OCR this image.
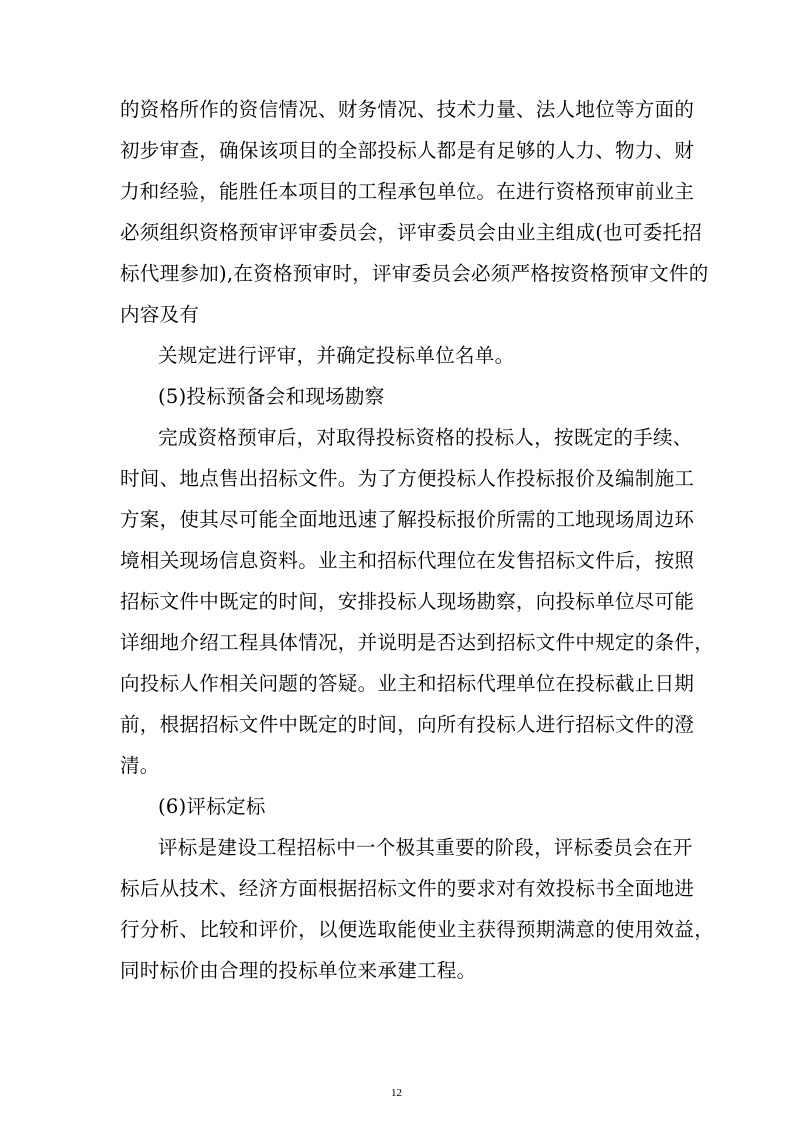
的资格所作的资信情况、财务情况、技术力量、法人地位等方面的
初步审查，确保该项目的全部投标人都是有足够的人力、物力、财
力和经验，能胜任本项目的工程承包单位。在进行资格预审前业主
必须组织资格预审评审委员会，评审委员会由业主组成(也可委托招
标代理参加),在资格预审时，评审委员会必须严格按资格预审文件的
内容及有
关规定进行评审，并确定投标单位名单。
(5)投标预备会和现场勘察
完成资格预审后，对取得投标资格的投标人，按既定的手续、
时间、地点售出招标文件。为了方便投标人作投标报价及编制施工
方案，使其尽可能全面地迅速了解投标报价所需的工地现场周边环
境相关现场信息资料。业主和招标代理位在发售招标文件后，按照
招标文件中既定的时间，安排投标人现场勘察，向投标单位尽可能
详细地介绍工程具体情况，并说明是否达到招标文件中规定的条件，
向投标人作相关问题的答疑。业主和招标代理单位在投标截止日期
前，根据招标文件中既定的时间，向所有投标人进行招标文件的澄
清。
(6)评标定标
评标是建设工程招标中一个极其重要的阶段，评标委员会在开
标后从技术、经济方面根据招标文件的要求对有效投标书全面地进
行分析、比较和评价，以便选取能使业主获得预期满意的使用效益，
同时标价由合理的投标单位来承建工程。
12
